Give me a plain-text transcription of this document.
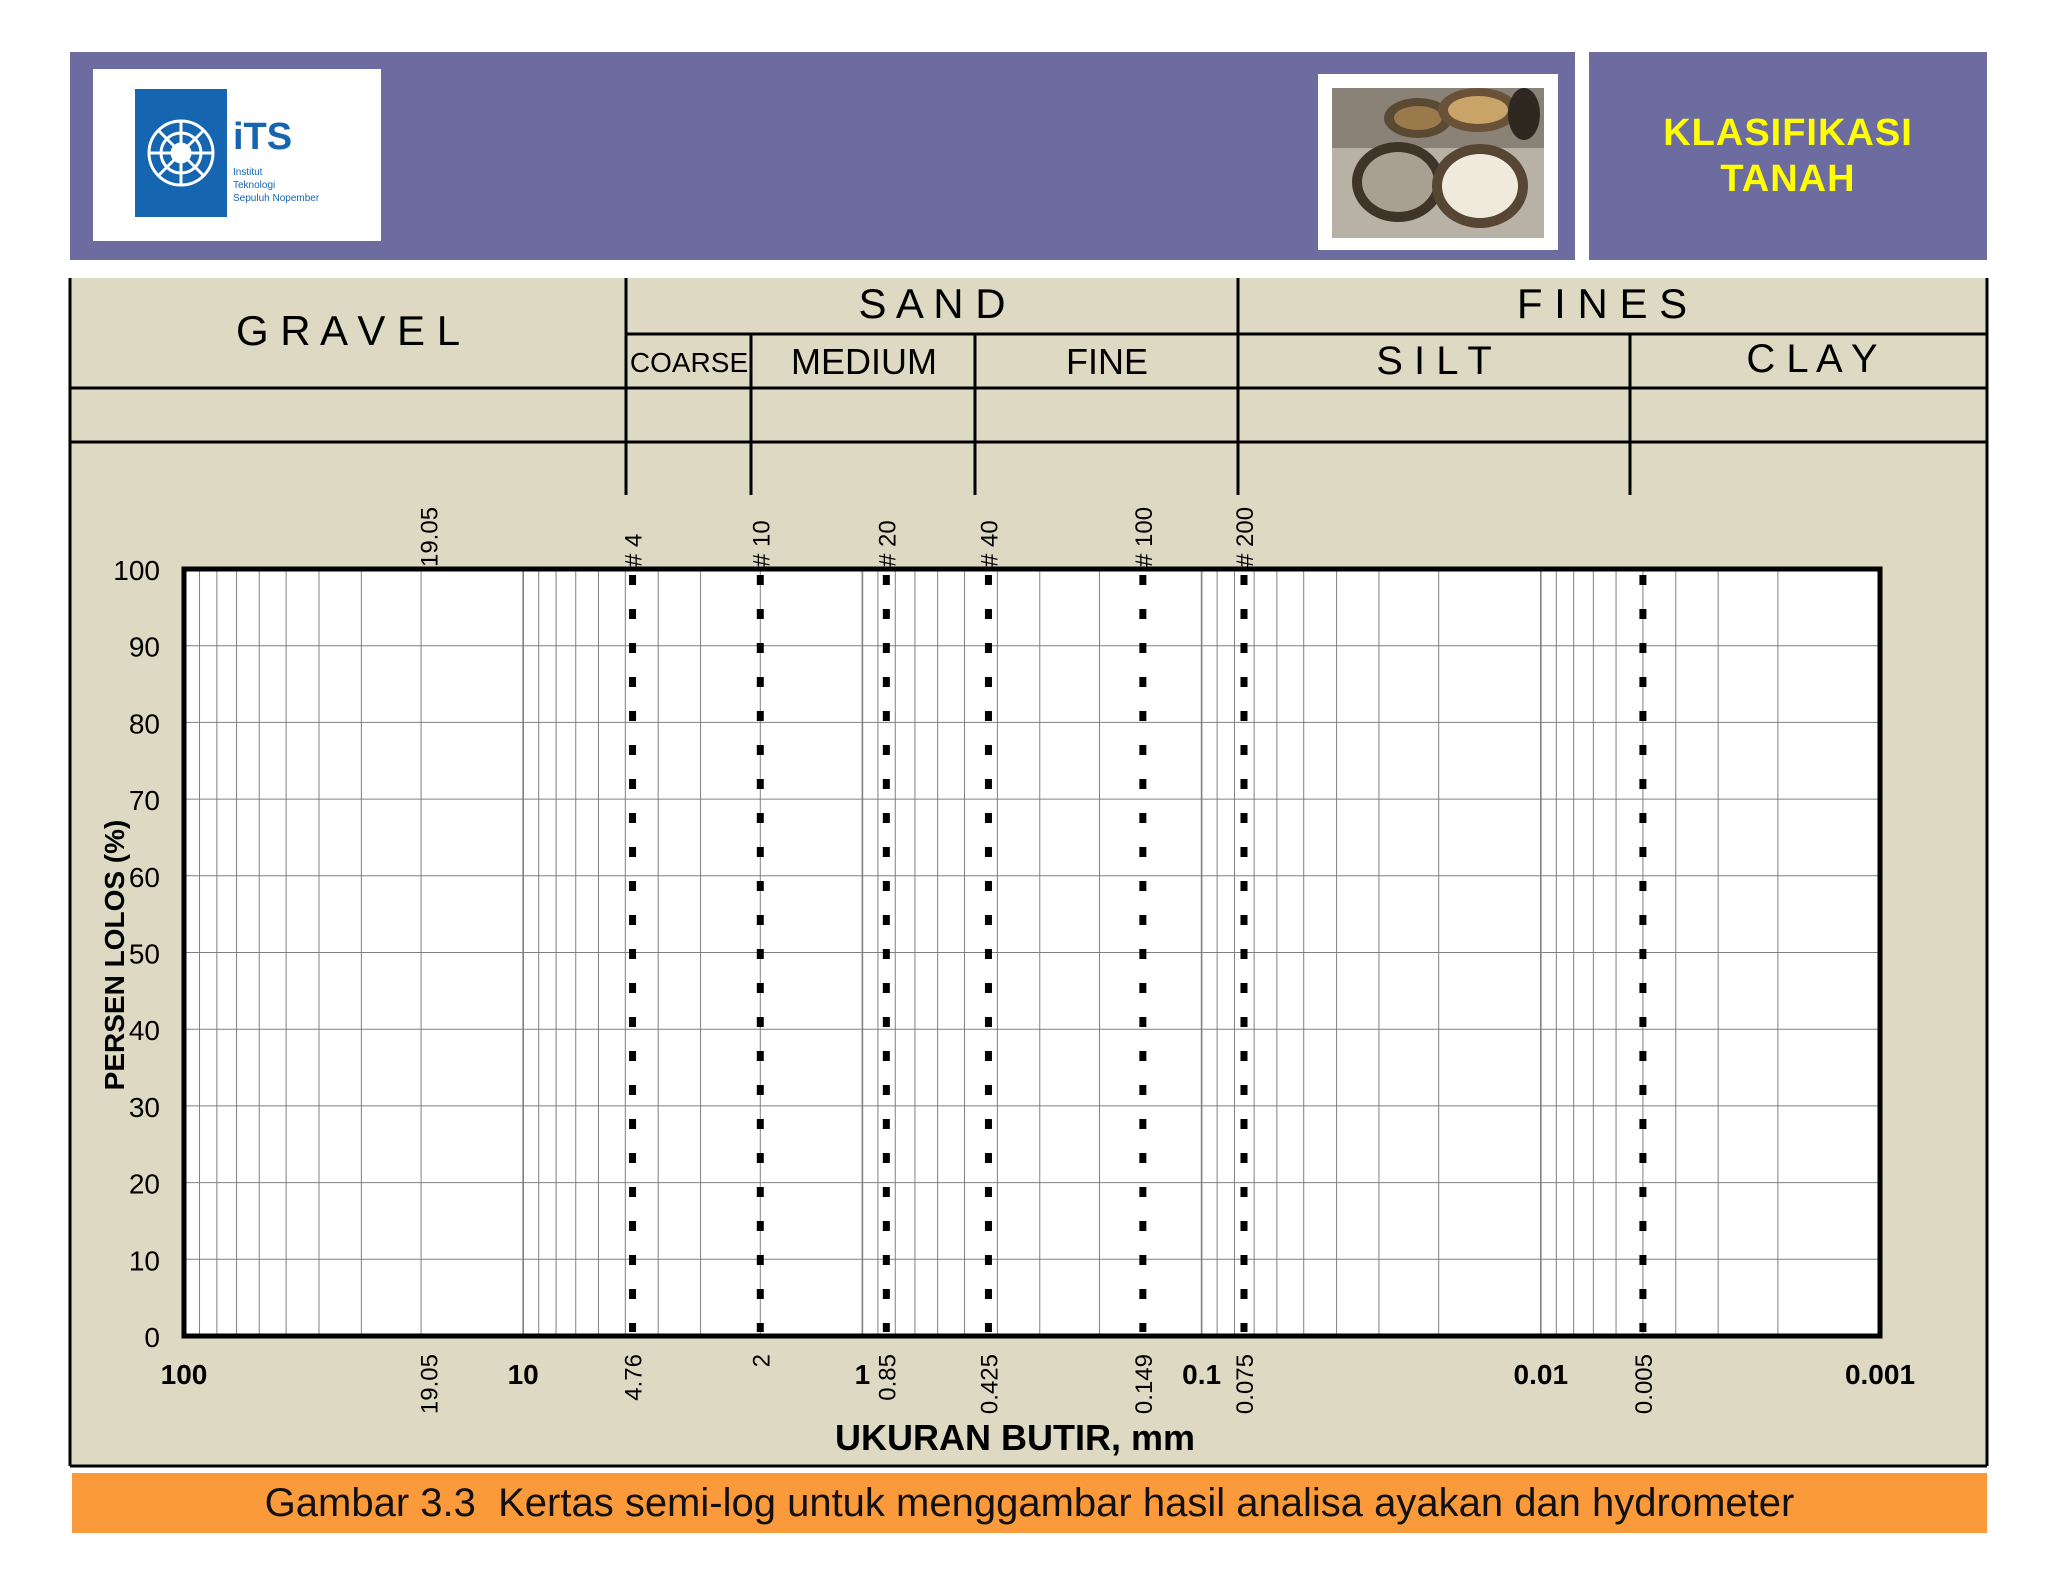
iTS
Institut
Teknologi
Sepuluh Nopember
KLASIFIKASI
TANAH
G R A V E L
S A N D	F I N E S
COARSE MEDIUM	FINE	S I L T	C L A Y
0
10
20
30
40
50
60
70
80
90
100
100	10	1	0.1	0.01	0.001
19.05	4.76	2	0.85	0.425	0.149	0.075	0.005
19.05	# 4	# 10	# 20	# 40	# 100	# 200
UKURAN BUTIR, mm
PERSEN LOLOS (%)
Gambar 3.3  Kertas semi-log untuk menggambar hasil analisa ayakan dan hydrometer
